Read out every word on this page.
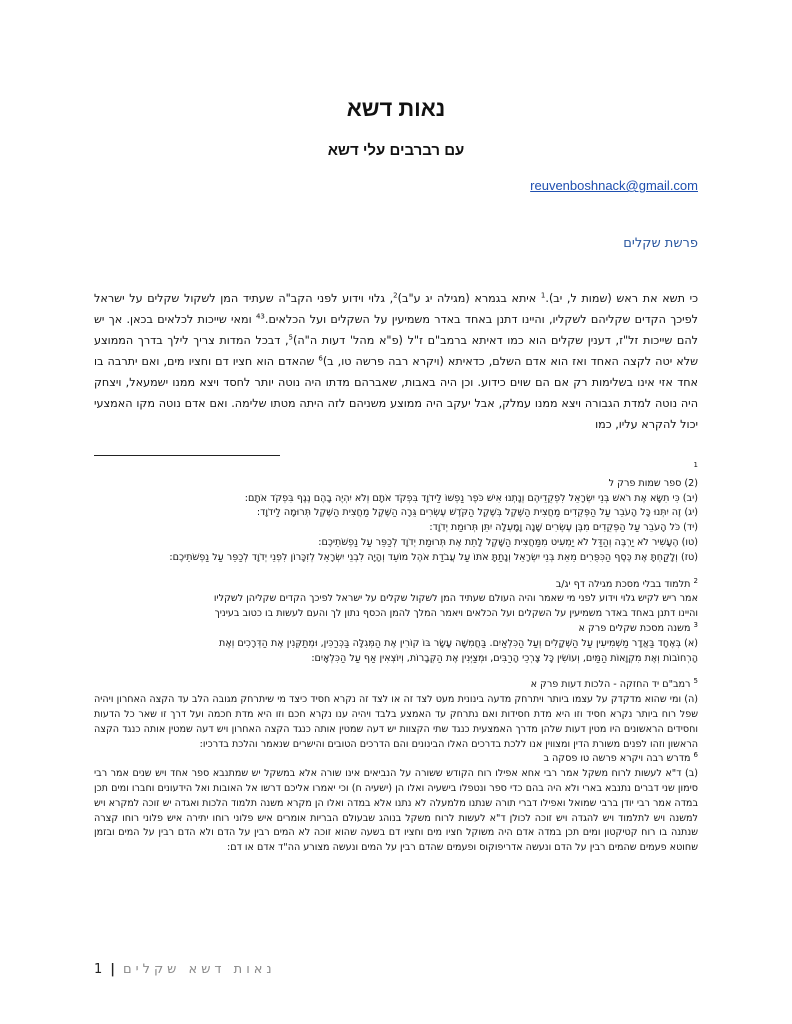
נאות דשא
עם רברבים עלי דשא
reuvenboshnack@gmail.com
פרשת שקלים
כי תשא את ראש (שמות ל, יב).$^1$ איתא בגמרא (מגילה יג ע"ב)$^2$, גלוי וידוע לפני הקב"ה שעתיד המן לשקול שקלים על ישראל לפיכך הקדים שקליהם לשקליו, והיינו דתנן באחד באדר משמיעין על השקלים ועל הכלאים.$^{43}$ ומאי שייכות לכלאים בכאן. אך יש להם שייכות זל"ז, דענין שקלים הוא כמו דאיתא ברמב"ם ז"ל (פ"א מהל' דעות ה"ה)$^5$, דבכל המדות צריך לילך בדרך הממוצע שלא יטה לקצה האחד ואז הוא אדם השלם, כדאיתא (ויקרא רבה פרשה טו, ב)$^6$ שהאדם הוא חציו דם וחציו מים, ואם יתרבה בו אחד אזי אינו בשלימות רק אם הם שוים כידוע. וכן היה באבות, שאברהם מדתו היה נוטה יותר לחסד ויצא ממנו ישמעאל, ויצחק היה נוטה למדת הגבורה ויצא ממנו עמלק, אבל יעקב היה ממוצע משניהם לזה היתה מטתו שלימה. ואם אדם נוטה מקו האמצעי יכול להקרא עליו, כמו
$^1$
(2) ספר שמות פרק ל
(יב) כִּי תִשָּׂא אֶת רֹאשׁ בְּנֵי יִשְׂרָאֵל לִפְקֻדֵיהֶם וְנָתְנוּ אִישׁ כֹּפֶר נַפְשׁוֹ לַידֹוָד בִּפְקֹד אֹתָם וְלֹא יִהְיֶה בָהֶם נֶגֶף בִּפְקֹד אֹתָם:
(יג) זֶה יִתְּנוּ כָּל הָעֹבֵר עַל הַפְּקֻדִים מַחֲצִית הַשֶּׁקֶל בְּשֶׁקֶל הַקֹּדֶשׁ עֶשְׂרִים גֵּרָה הַשֶּׁקֶל מַחֲצִית הַשֶּׁקֶל תְּרוּמָה לַידֹוָד:
(יד) כֹּל הָעֹבֵר עַל הַפְּקֻדִים מִבֶּן עֶשְׂרִים שָׁנָה וָמָעְלָה יִתֵּן תְּרוּמַת יְדֹוָד:
(טו) הֶעָשִׁיר לֹא יַרְבֶּה וְהַדַּל לֹא יַמְעִיט מִמַּחֲצִית הַשָּׁקֶל לָתֵת אֶת תְּרוּמַת יְדֹוָד לְכַפֵּר עַל נַפְשֹׁתֵיכֶם:
(טז) וְלָקַחְתָּ אֶת כֶּסֶף הַכִּפֻּרִים מֵאֵת בְּנֵי יִשְׂרָאֵל וְנָתַתָּ אֹתוֹ עַל עֲבֹדַת אֹהֶל מוֹעֵד וְהָיָה לִבְנֵי יִשְׂרָאֵל לְזִכָּרוֹן לִפְנֵי יְדֹוָד לְכַפֵּר עַל נַפְשֹׁתֵיכֶם:
$^2$ תלמוד בבלי מסכת מגילה דף יג/ב
אמר ריש לקיש גלוי וידוע לפני מי שאמר והיה העולם שעתיד המן לשקול שקלים על ישראל לפיכך הקדים שקליהן לשקליו
והיינו דתנן באחד באדר משמיעין על השקלים ועל הכלאים ויאמר המלך להמן הכסף נתון לך והעם לעשות בו כטוב בעיניך
$^3$ משנה מסכת שקלים פרק א
(א) בְּאֶחָד בַּאֲדָר מַשְׁמִיעִין עַל הַשְּׁקָלִים וְעַל הַכִּלְאַיִם. בַּחֲמִשָּׁה עָשָׂר בּוֹ קוֹרִין אֶת הַמְּגִלָּה בַּכְּרַכִּין, וּמְתַקְּנִין אֶת הַדְּרָכִים וְאֶת
הָרְחוֹבוֹת וְאֶת מִקְוָאוֹת הַמַּיִם, וְעוֹשִׂין כָּל צָרְכֵי הָרַבִּים, וּמְצַיְּנִין אֶת הַקְּבָרוֹת, וְיוֹצְאִין אַף עַל הַכִּלְאָיִם:
$^5$ רמב"ם יד החזקה - הלכות דעות פרק א
(ה) ומי שהוא מדקדק על עצמו ביותר ויתרחק מדעה בינונית מעט לצד זה או לצד זה נקרא חסיד כיצד מי שיתרחק מגובה הלב עד הקצה האחרון ויהיה שפל רוח ביותר נקרא חסיד וזו היא מדת חסידות ואם נתרחק עד האמצע בלבד ויהיה ענו נקרא חכם וזו היא מדת חכמה ועל דרך זו שאר כל הדעות וחסידים הראשונים היו מטין דעות שלהן מדרך האמצעית כנגד שתי הקצוות יש דעה שמטין אותה כנגד הקצה האחרון ויש דעה שמטין אותה כנגד הקצה הראשון וזהו לפנים משורת הדין ומצווין אנו ללכת בדרכים האלו הבינונים והם הדרכים הטובים והישרים שנאמר והלכת בדרכיו:
$^6$ מדרש רבה ויקרא פרשה טו פסקה ב
(ב) ד"א לעשות לרוח משקל אמר רבי אחא אפילו רוח הקודש ששורה על הנביאים אינו שורה אלא במשקל יש שמתנבא ספר אחד ויש שנים אמר רבי סימון שני דברים נתנבא בארי ולא היה בהם כדי ספר ונטפלו בישעיה ואלו הן (ישעיה ח) וכי יאמרו אליכם דרשו אל האובות ואל הידעונים וחברו ומים תכן במדה אמר רבי יודן ברבי שמואל ואפילו דברי תורה שנתנו מלמעלה לא נתנו אלא במדה ואלו הן מקרא משנה תלמוד הלכות ואגדה יש זוכה למקרא ויש למשנה ויש לתלמוד ויש להגדה ויש זוכה לכולן ד"א לעשות לרוח משקל בנוהג שבעולם הבריות אומרים איש פלוני רוחו יתירה איש פלוני רוחו קצרה שנתנה בו רוח קטיקטון ומים תכן במדה אדם היה משוקל חציו מים וחציו דם בשעה שהוא זוכה לא המים רבין על הדם ולא הדם רבין על המים ובזמן שחוטא פעמים שהמים רבין על הדם ונעשה אדריפוקוס ופעמים שהדם רבין על המים ונעשה מצורע הה"ד אדם או דם:
1 | נאות דשא שקלים
